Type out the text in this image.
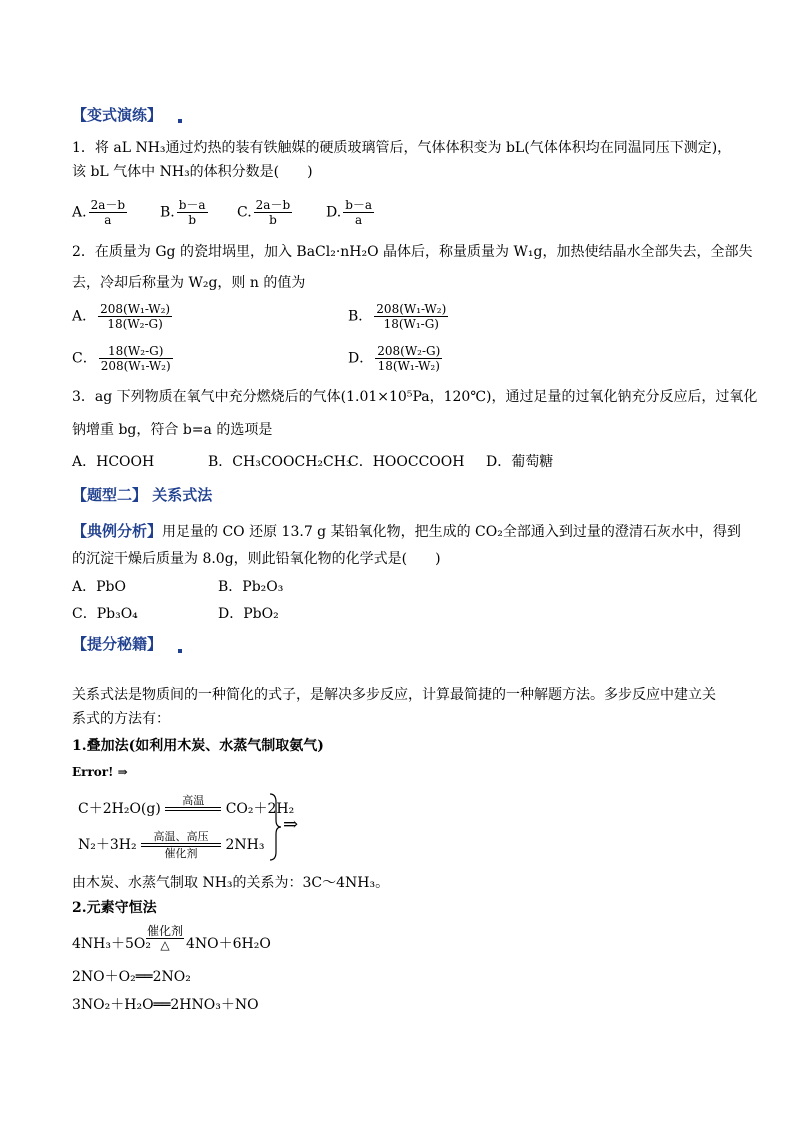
【变式演练】
1．将 aL NH₃通过灼热的装有铁触媒的硬质玻璃管后，气体体积变为 bL(气体体积均在同温同压下测定)，
该 bL 气体中 NH₃的体积分数是(　　)
A. $\frac{2a-b}{a} B$. $\frac{b-a}{b} C$. $\frac{2a-b}{b} D$. $\frac{b-a}{a}$
2．在质量为 Gg 的瓷坩埚里，加入 BaCl₂·nH₂O 晶体后，称量质量为 W₁g，加热使结晶水全部失去，全部失
去，冷却后称量为 W₂g，则 n 的值为
A． $\frac{\text{208(W₁-W₂)}}{\text{18(W₂-G)}}$	B． $\frac{\text{208(W₁-W₂)}}{\text{18(W₁-G)}}$
C． $\frac{\text{18(W₂-G)}}{\text{208(W₁-W₂)}}$	D． $\frac{\text{208(W₂-G)}}{\text{18(W₁-W₂)}}$
3．ag 下列物质在氧气中充分燃烧后的气体(1.01×10⁵Pa，120℃)，通过足量的过氧化钠充分反应后，过氧化
钠增重 bg，符合 b=a 的选项是
A．HCOOH	B．CH₃COOCH₂CH₃
C．HOOCCOOH D．葡萄糖
【题型二】 关系式法
【典例分析】用足量的 CO 还原 13.7 g 某铅氧化物，把生成的 CO₂全部通入到过量的澄清石灰水中，得到
的沉淀干燥后质量为 8.0g，则此铅氧化物的化学式是(　　)
A．PbO	B．Pb₂O₃
C．Pb₃O₄	D．PbO₂
【提分秘籍】
关系式法是物质间的一种简化的式子，是解决多步反应，计算最简捷的一种解题方法。多步反应中建立关
系式的方法有：
1.叠加法(如利用木炭、水蒸气制取氨气)
Error! ⇒
C＋2H₂O(g)
高温
CO₂＋2H₂
N₂＋3H₂
高温、高压
催化剂
2NH₃
⇒
由木炭、水蒸气制取 NH₃的关系为：3C～4NH₃。
2.元素守恒法
4NH₃＋5O₂
催化剂
△	4NO＋6H₂O
2NO＋O₂══2NO₂
3NO₂＋H₂O══2HNO₃＋NO
